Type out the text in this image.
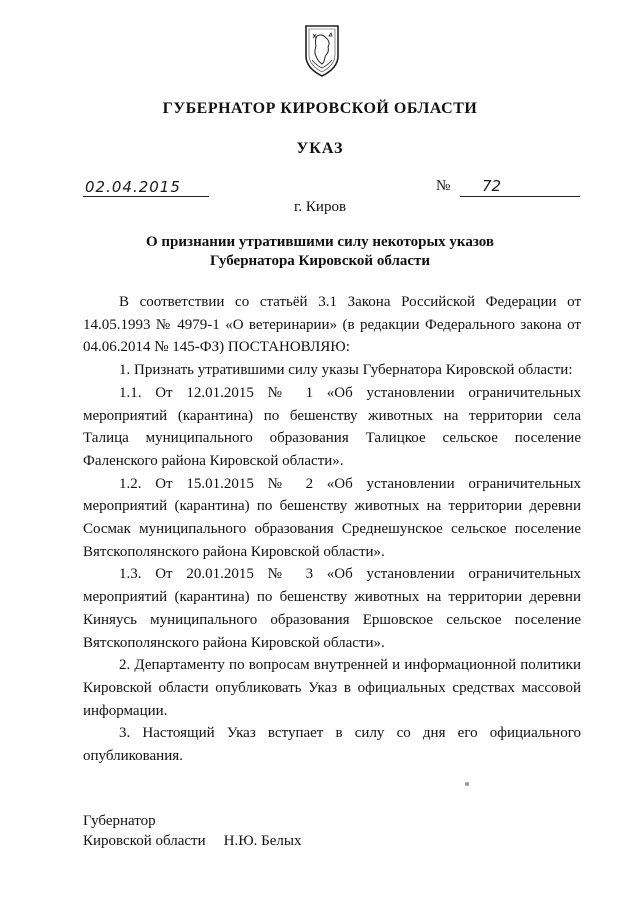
ГУБЕРНАТОР КИРОВСКОЙ ОБЛАСТИ
УКАЗ
02.04.2015	№ 72
г. Киров
О признании утратившими силу некоторых указов
Губернатора Кировской области

В соответствии со статьёй 3.1 Закона Российской Федерации от 14.05.1993 № 4979-1 «О ветеринарии» (в редакции Федерального закона от 04.06.2014 № 145-ФЗ) ПОСТАНОВЛЯЮ:

1. Признать утратившими силу указы Губернатора Кировской области:

1.1. От 12.01.2015 № 1 «Об установлении ограничительных мероприятий (карантина) по бешенству животных на территории села Талица муниципального образования Талицкое сельское поселение Фаленского района Кировской области».

1.2. От 15.01.2015 № 2 «Об установлении ограничительных мероприятий (карантина) по бешенству животных на территории деревни Сосмак муниципального образования Среднешунское сельское поселение Вятскополянского района Кировской области».

1.3. От 20.01.2015 № 3 «Об установлении ограничительных мероприятий (карантина) по бешенству животных на территории деревни Киняусь муниципального образования Ершовское сельское поселение Вятскополянского района Кировской области».

2. Департаменту по вопросам внутренней и информационной политики Кировской области опубликовать Указ в официальных средствах массовой информации.

3. Настоящий Указ вступает в силу со дня его официального опубликования.

Губернатор
Кировской области Н.Ю. Белых
